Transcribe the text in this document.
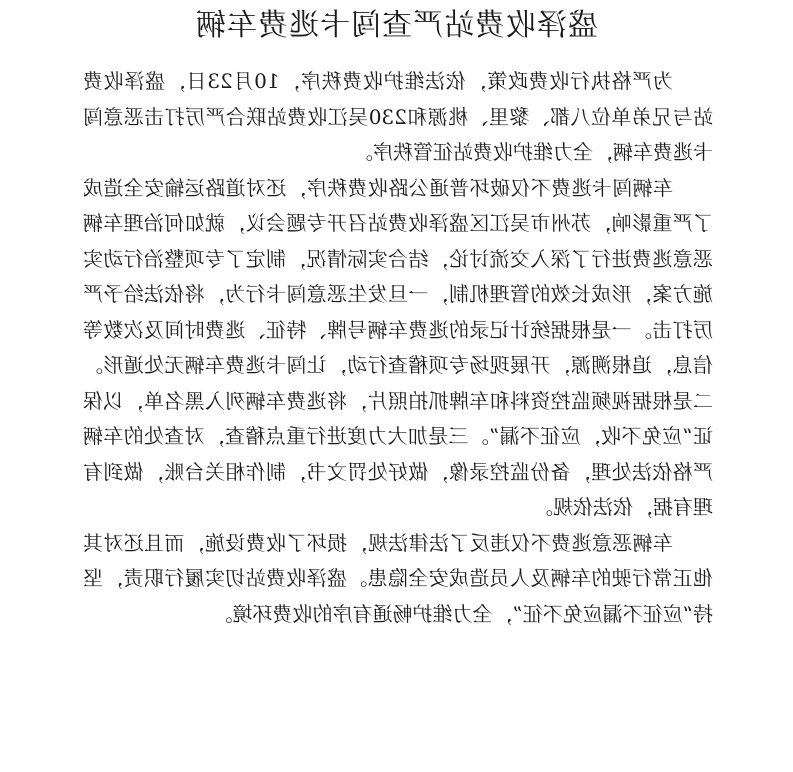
盛泽收费站严查闯卡逃费车辆

为严格执行收费政策，依法维护收费秩序，10月23日，盛泽收费站与兄弟单位八都、黎里、桃源和230吴江收费站联合严厉打击恶意闯卡逃费车辆，全力维护收费站征管秩序。

车辆闯卡逃费不仅破坏普通公路收费秩序，还对道路运输安全造成了严重影响，苏州市吴江区盛泽收费站召开专题会议，就如何治理车辆恶意逃费进行了深入交流讨论，结合实际情况，制定了专项整治行动实施方案，形成长效的管理机制，一旦发生恶意闯卡行为，将依法给予严厉打击。一是根据统计记录的逃费车辆号牌、特征、逃费时间及次数等信息，追根溯源，开展现场专项稽查行动，让闯卡逃费车辆无处遁形。二是根据视频监控资料和车牌抓拍照片，将逃费车辆列入黑名单，以保证“应免不收，应征不漏”。三是加大力度进行重点稽查，对查处的车辆严格依法处理，备份监控录像，做好处罚文书，制作相关台账，做到有理有据，依法依规。

车辆恶意逃费不仅违反了法律法规，损坏了收费设施，而且还对其他正常行驶的车辆及人员造成安全隐患。盛泽收费站切实履行职责，坚持“应征不漏应免不征”，全力维护畅通有序的收费环境。
